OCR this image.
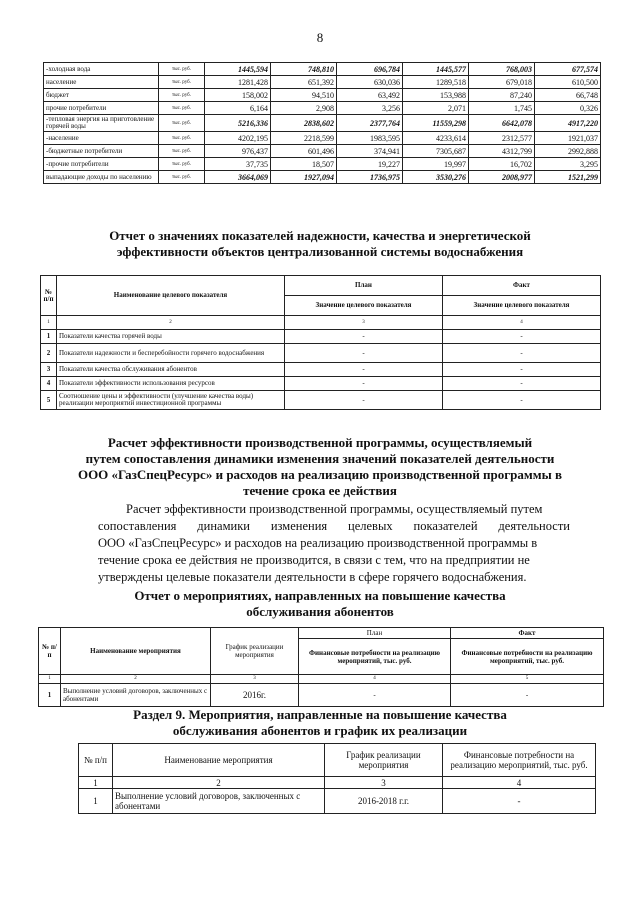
8
-холодная вода	тыс. руб.	1445,594	748,810	696,784	1445,577	768,003	677,574
население	тыс. руб.	1281,428	651,392	630,036	1289,518	679,018	610,500
бюджет	тыс. руб.	158,002	94,510	63,492	153,988	87,240	66,748
прочие потребители	тыс. руб.	6,164	2,908	3,256	2,071	1,745	0,326
-тепловая энергия на приготовление горячей воды	тыс. руб.	5216,336	2838,602	2377,764	11559,298	6642,078	4917,220
-население	тыс. руб.	4202,195	2218,599	1983,595	4233,614	2312,577	1921,037
-бюджетные потребители	тыс. руб.	976,437	601,496	374,941	7305,687	4312,799	2992,888
-прочие потребители	тыс. руб.	37,735	18,507	19,227	19,997	16,702	3,295
выпадающие доходы по населению	тыс. руб.	3664,069	1927,094	1736,975	3530,276	2008,977	1521,299
Отчет о значениях показателей надежности, качества и энергетической
эффективности объектов централизованной системы водоснабжения
№ п/п	Наименование целевого показателя	План	Факт
		Значение целевого показателя	Значение целевого показателя
1	2	3	4
1	Показатели качества горячей воды	-	-
2	Показатели надежности и бесперебойности горячего водоснабжения	-	-
3	Показатели качества обслуживания абонентов	-	-
4	Показатели эффективности использования ресурсов	-	-
5	Соотношение цены и эффективности (улучшение качества воды) реализации мероприятий инвестиционной программы	-	-
Расчет эффективности производственной программы, осуществляемый
путем сопоставления динамики изменения значений показателей деятельности
ООО «ГазСпецРесурс» и расходов на реализацию производственной программы в
течение срока ее действия
Расчет эффективности производственной программы, осуществляемый путем
сопоставления динамики изменения целевых показателей деятельности
ООО «ГазСпецРесурс» и расходов на реализацию производственной программы в
течение срока ее действия не производится, в связи с тем, что на предприятии не
утверждены целевые показатели деятельности в сфере горячего водоснабжения.
Отчет о мероприятиях, направленных на повышение качества
обслуживания абонентов
№ п/п	Наименование мероприятия	График реализации мероприятия	План	Факт
			Финансовые потребности на реализацию мероприятий, тыс. руб.	Финансовые потребности на реализацию мероприятий, тыс. руб.
1	2	3	4	5
1	Выполнение условий договоров, заключенных с абонентами	2016г.	-	-
Раздел 9. Мероприятия, направленные на повышение качества
обслуживания абонентов и график их реализации
№ п/п	Наименование мероприятия	График реализации мероприятия	Финансовые потребности на реализацию мероприятий, тыс. руб.
1	2	3	4
1	Выполнение условий договоров, заключенных с абонентами	2016-2018 г.г.	-
